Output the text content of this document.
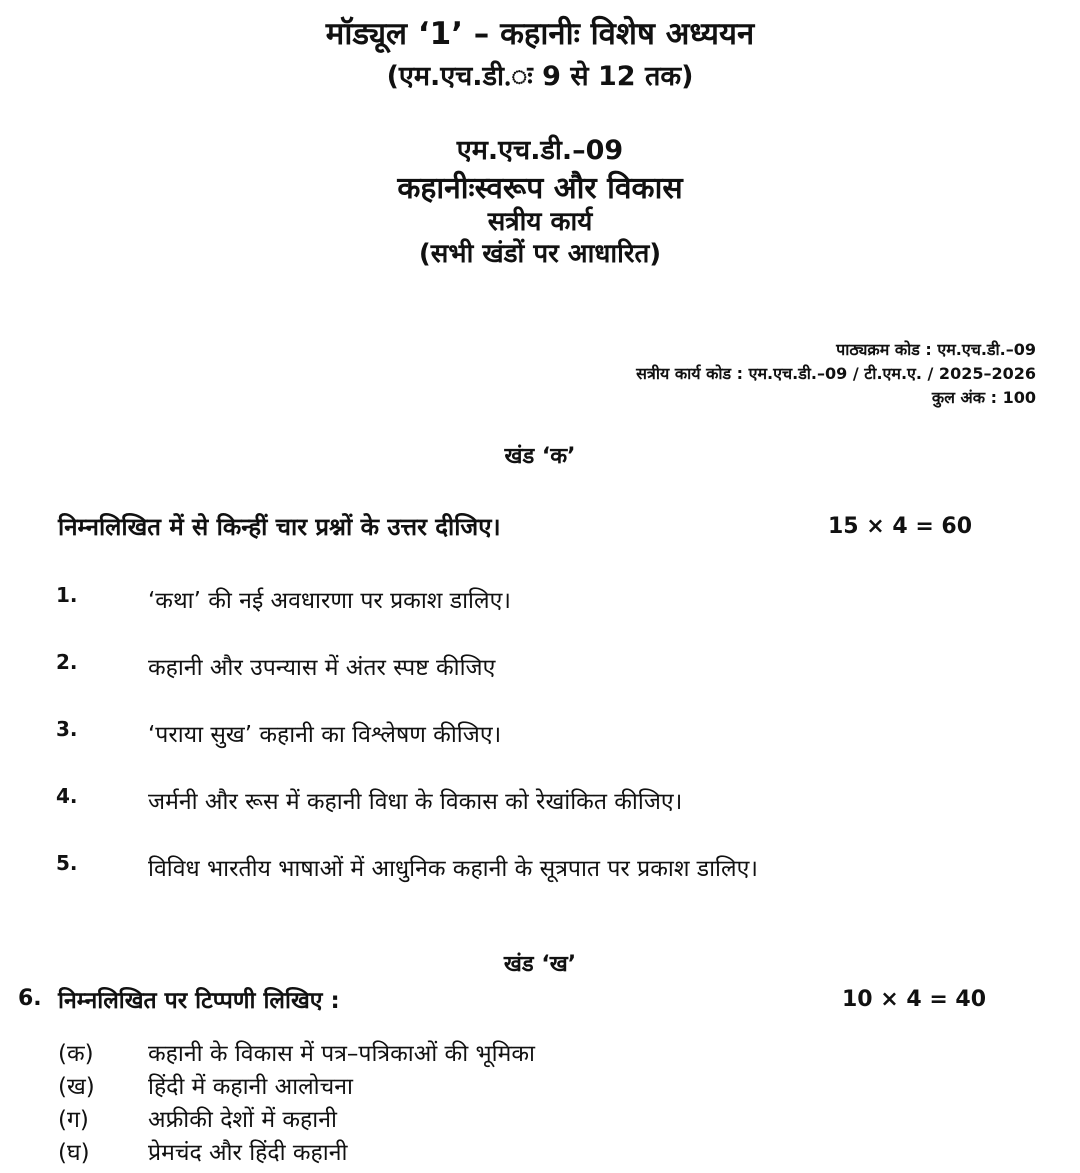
मॉड्यूल ‘1’ – कहानीः विशेष अध्ययन
(एम.एच.डी.ः 9 से 12 तक)
एम.एच.डी.–09
कहानीःस्वरूप और विकास
सत्रीय कार्य
(सभी खंडों पर आधारित)
पाठ्यक्रम कोड : एम.एच.डी.–09
सत्रीय कार्य कोड : एम.एच.डी.–09 / टी.एम.ए. / 2025–2026
कुल अंक : 100
खंड ‘क’
निम्नलिखित में से किन्हीं चार प्रश्नों के उत्तर दीजिए।	15 × 4 = 60
1.	‘कथा’ की नई अवधारणा पर प्रकाश डालिए।
2.	कहानी और उपन्यास में अंतर स्पष्ट कीजिए
3.	‘पराया सुख’ कहानी का विश्लेषण कीजिए।
4.	जर्मनी और रूस में कहानी विधा के विकास को रेखांकित कीजिए।
5.	विविध भारतीय भाषाओं में आधुनिक कहानी के सूत्रपात पर प्रकाश डालिए।
खंड ‘ख’
6. निम्नलिखित पर टिप्पणी लिखिए :	10 × 4 = 40
(क) कहानी के विकास में पत्र–पत्रिकाओं की भूमिका
(ख) हिंदी में कहानी आलोचना
(ग)	अफ्रीकी देशों में कहानी
(घ)	प्रेमचंद और हिंदी कहानी
